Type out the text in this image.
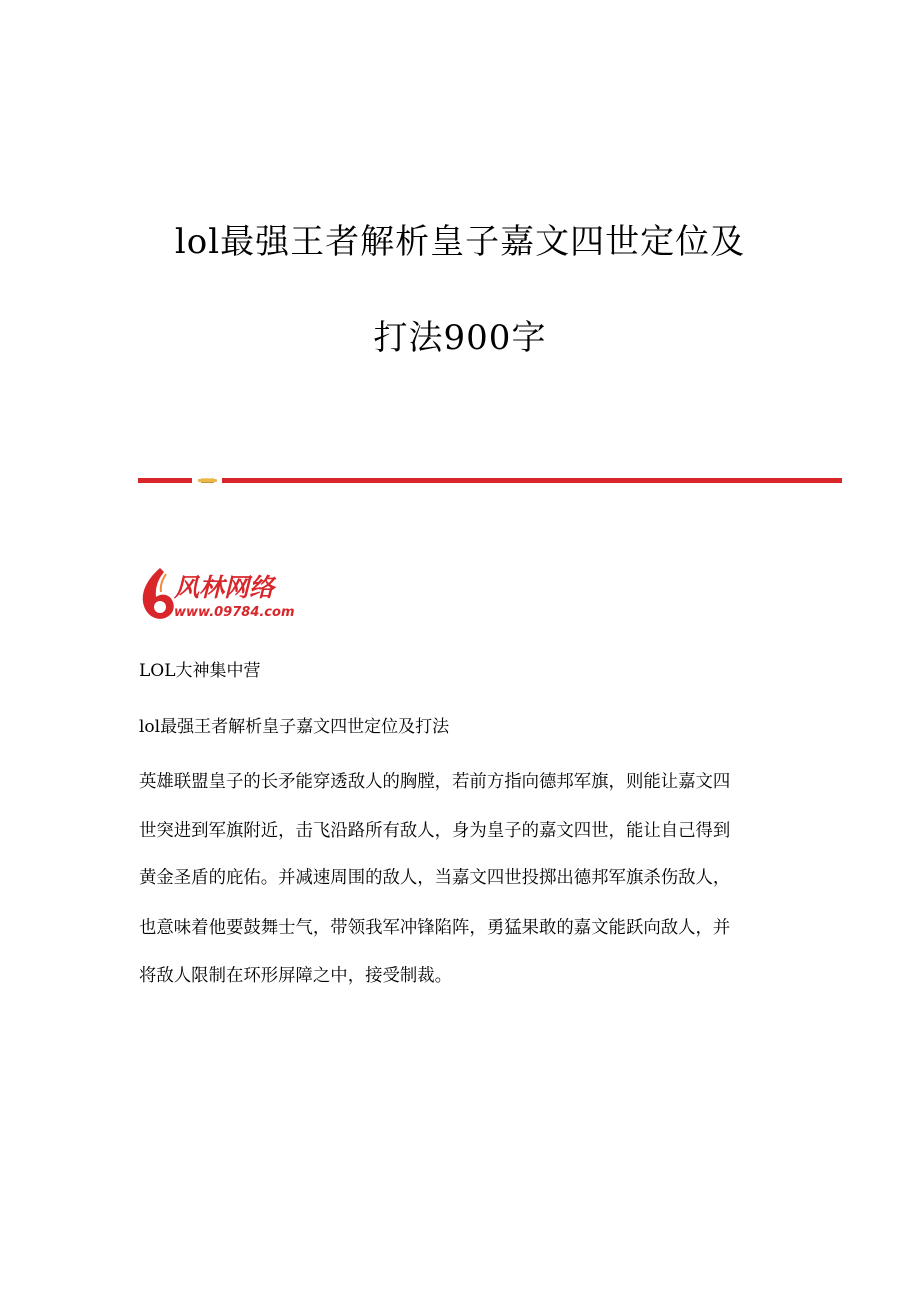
lol最强王者解析皇子嘉文四世定位及
打法900字
风林网络
www.09784.com
LOL大神集中营
lol最强王者解析皇子嘉文四世定位及打法
英雄联盟皇子的长矛能穿透敌人的胸膛，若前方指向德邦军旗，则能让嘉文四
世突进到军旗附近，击飞沿路所有敌人，身为皇子的嘉文四世，能让自己得到
黄金圣盾的庇佑。并减速周围的敌人，当嘉文四世投掷出德邦军旗杀伤敌人，
也意味着他要鼓舞士气，带领我军冲锋陷阵，勇猛果敢的嘉文能跃向敌人，并
将敌人限制在环形屏障之中，接受制裁。
